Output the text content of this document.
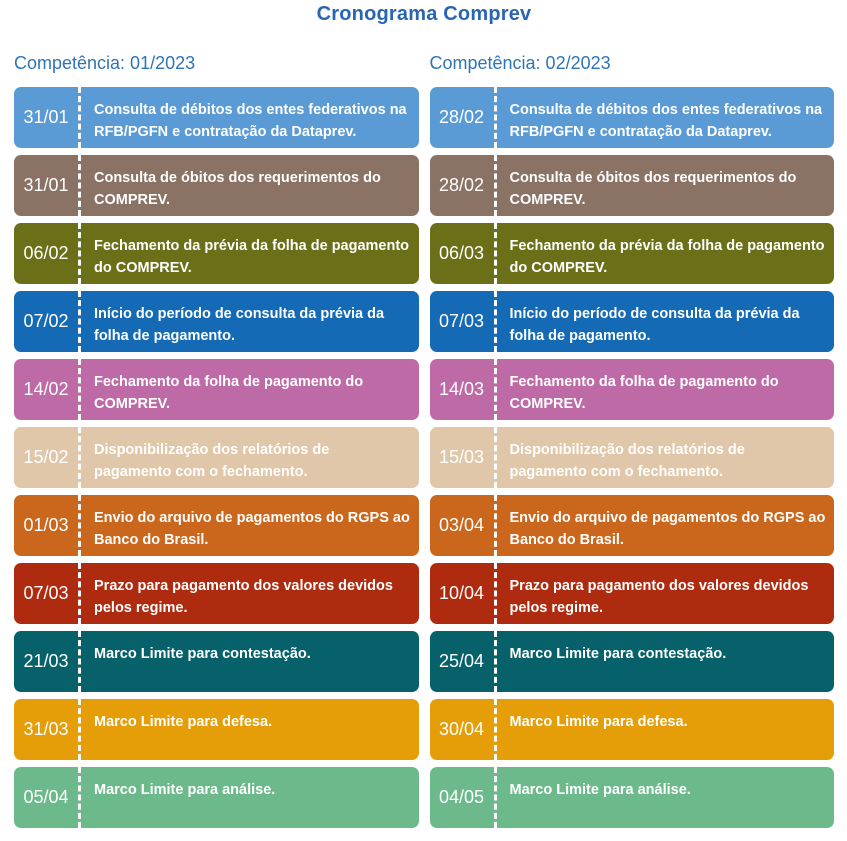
Cronograma Comprev
Competência: 01/2023
31/01	Consulta de débitos dos entes federativos na RFB/PGFN e contratação da Dataprev.
31/01	Consulta de óbitos dos requerimentos do COMPREV.
06/02	Fechamento da prévia da folha de pagamento do COMPREV.
07/02	Início do período de consulta da prévia da folha de pagamento.
14/02	Fechamento da folha de pagamento do COMPREV.
15/02	Disponibilização dos relatórios de pagamento com o fechamento.
01/03	Envio do arquivo de pagamentos do RGPS ao Banco do Brasil.
07/03	Prazo para pagamento dos valores devidos pelos regime.
21/03	Marco Limite para contestação.
31/03	Marco Limite para defesa.
05/04	Marco Limite para análise.
Competência: 02/2023
28/02	Consulta de débitos dos entes federativos na RFB/PGFN e contratação da Dataprev.
28/02	Consulta de óbitos dos requerimentos do COMPREV.
06/03	Fechamento da prévia da folha de pagamento do COMPREV.
07/03	Início do período de consulta da prévia da folha de pagamento.
14/03	Fechamento da folha de pagamento do COMPREV.
15/03	Disponibilização dos relatórios de pagamento com o fechamento.
03/04	Envio do arquivo de pagamentos do RGPS ao Banco do Brasil.
10/04	Prazo para pagamento dos valores devidos pelos regime.
25/04	Marco Limite para contestação.
30/04	Marco Limite para defesa.
04/05	Marco Limite para análise.
